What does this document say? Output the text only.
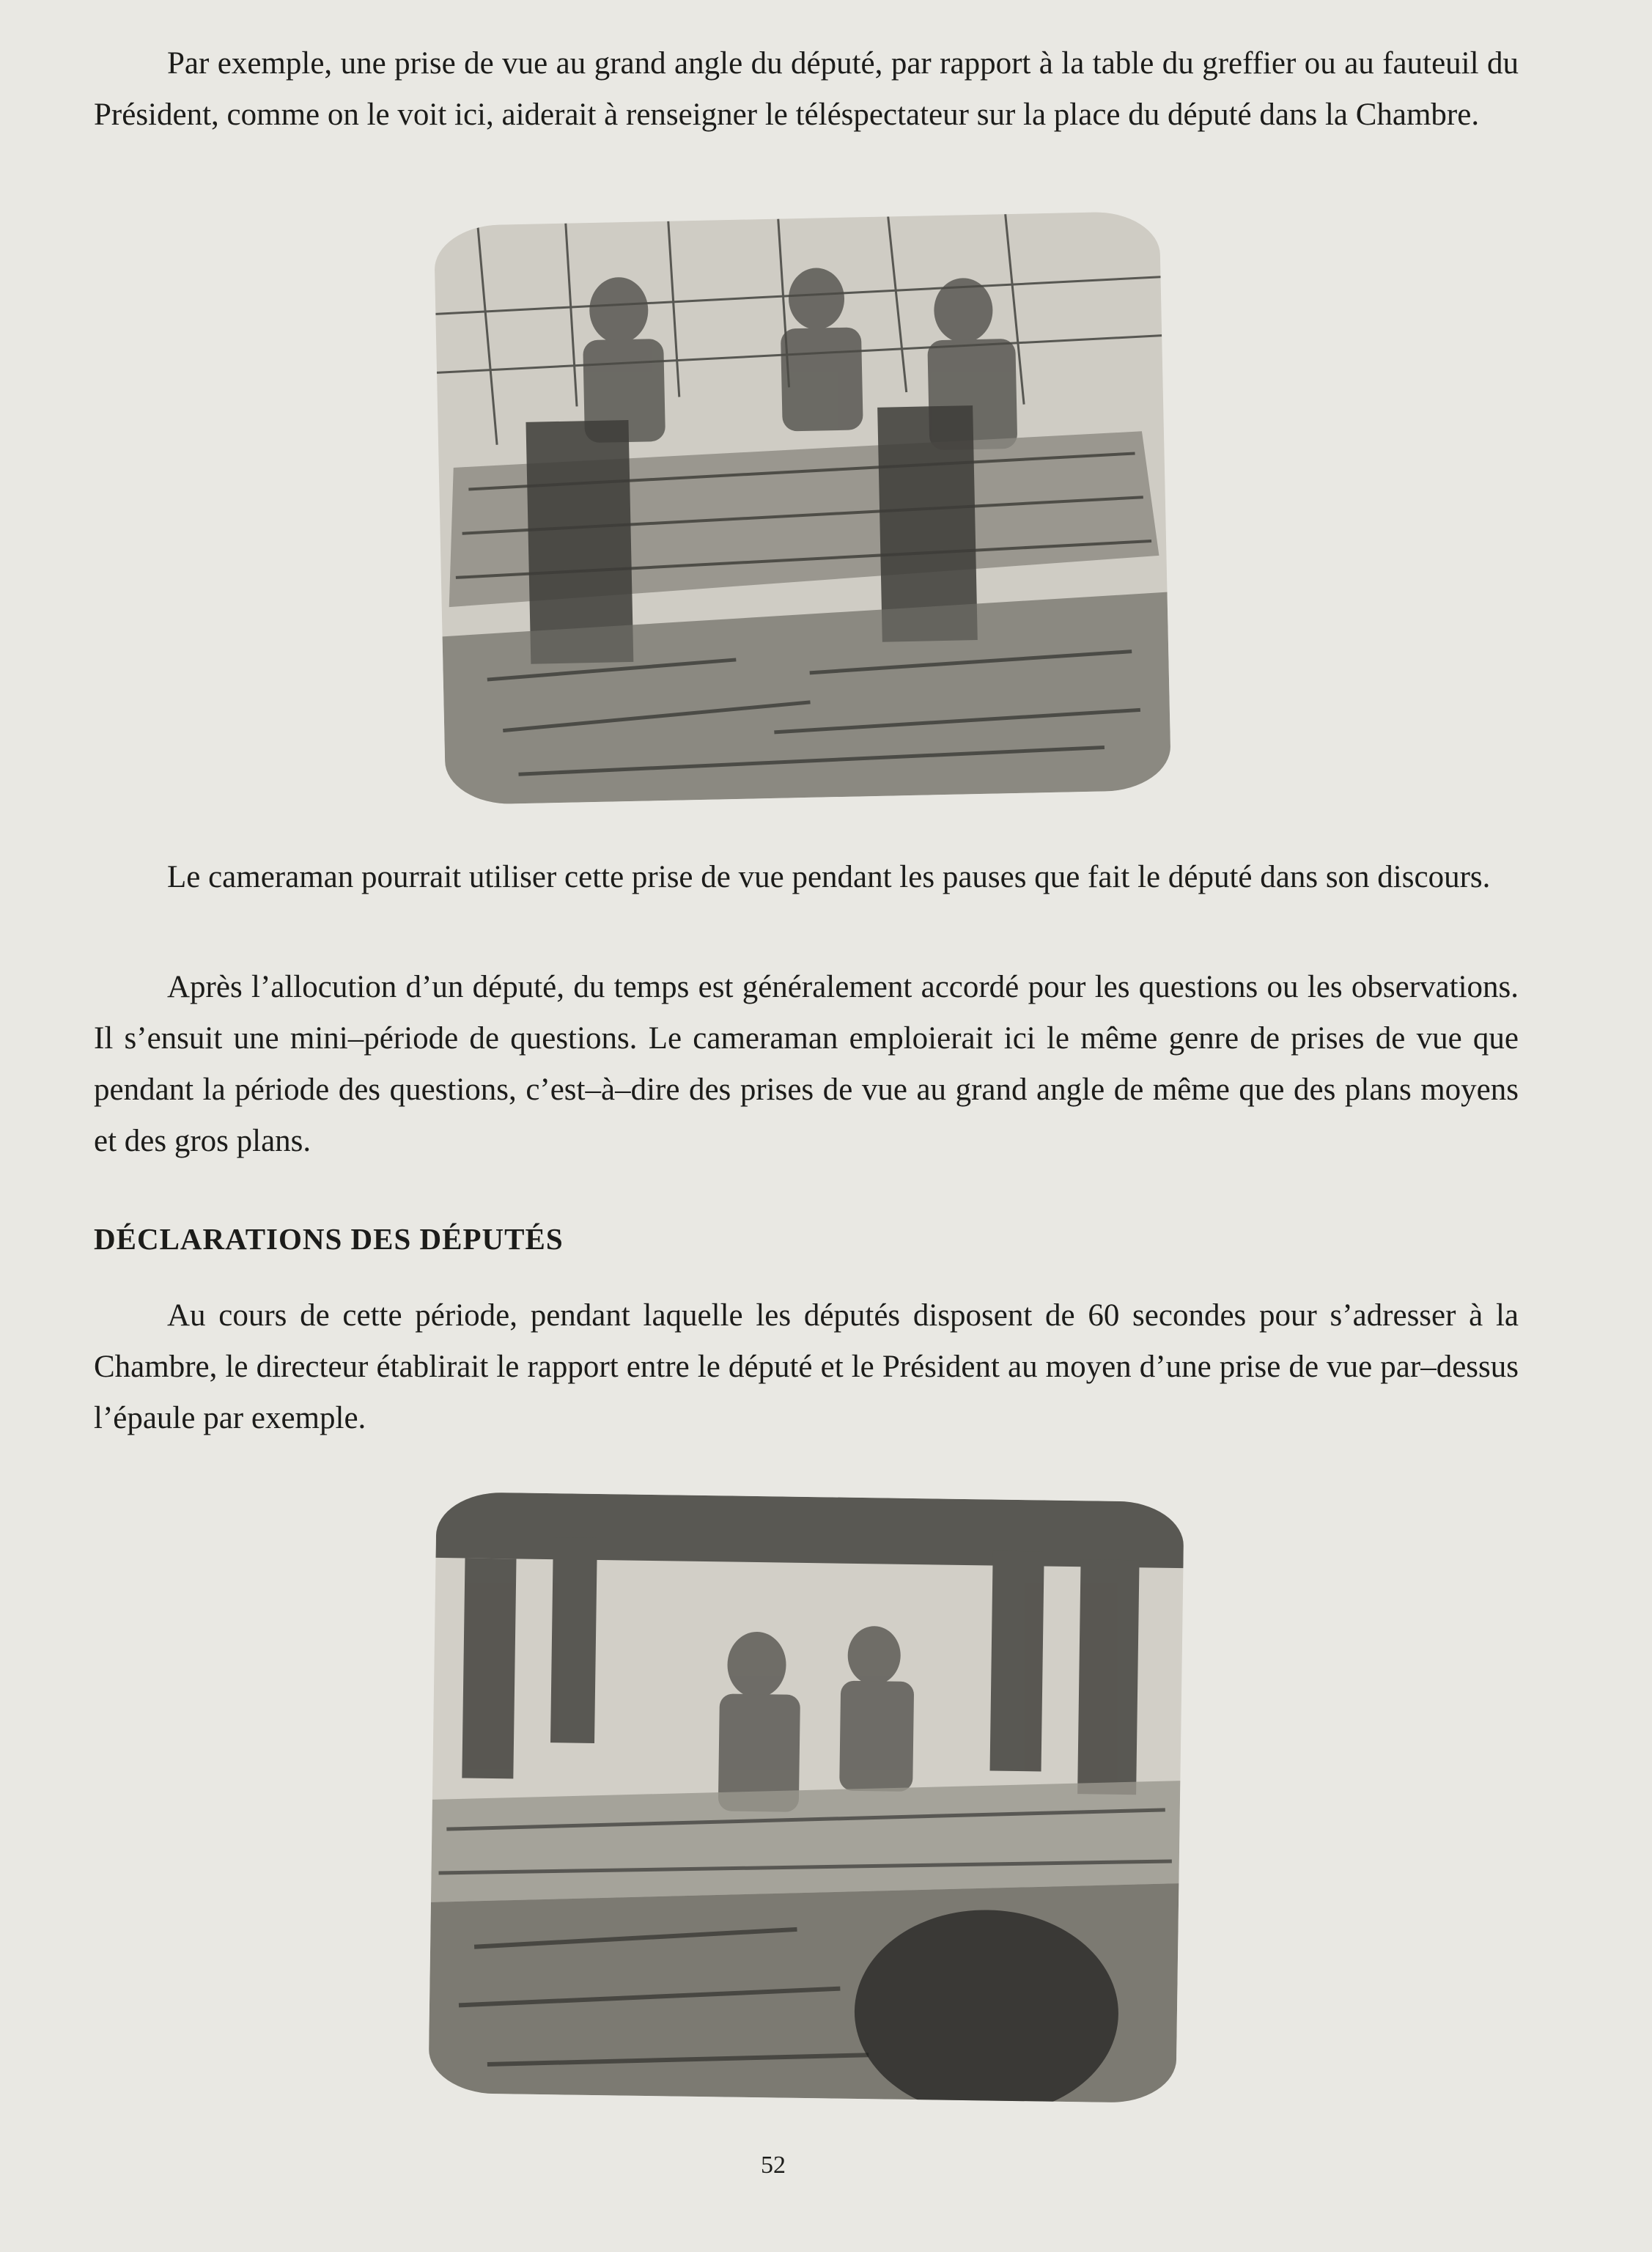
Par exemple, une prise de vue au grand angle du député, par rapport à la table du greffier ou au fauteuil du Président, comme on le voit ici, aiderait à renseigner le téléspectateur sur la place du député dans la Chambre.

Le cameraman pourrait utiliser cette prise de vue pendant les pauses que fait le député dans son discours.

Après l’allocution d’un député, du temps est généralement accordé pour les questions ou les observations. Il s’ensuit une mini–période de questions. Le cameraman emploierait ici le même genre de prises de vue que pendant la période des questions, c’est–à–dire des prises de vue au grand angle de même que des plans moyens et des gros plans.

DÉCLARATIONS DES DÉPUTÉS

Au cours de cette période, pendant laquelle les députés disposent de 60 secondes pour s’adresser à la Chambre, le directeur établirait le rapport entre le député et le Président au moyen d’une prise de vue par–dessus l’épaule par exemple.

52
